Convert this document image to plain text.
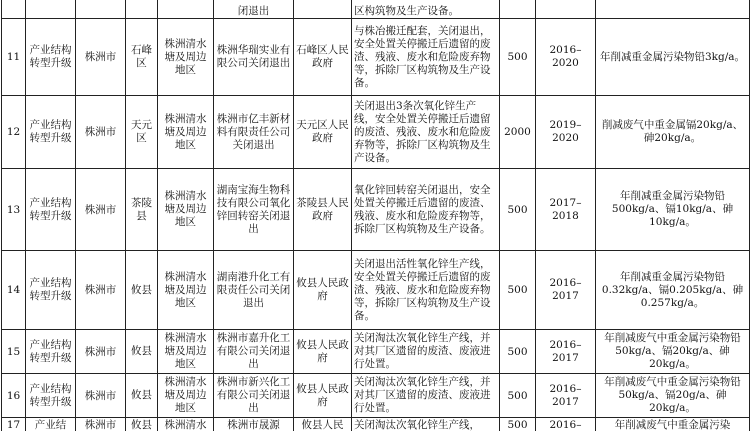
					闭退出		区构筑物及生产设备。			
11	产业结构转型升级	株洲市	石峰区	株洲清水塘及周边地区	株洲华瑞实业有限公司关闭退出	石峰区人民政府	与株冶搬迁配套，关闭退出，安全处置关停搬迁后遗留的废渣、残液、废水和危险废弃物等，拆除厂区构筑物及生产设备。	500	2016–2020	年削减重金属污染物铅3kg/a。
12	产业结构转型升级	株洲市	天元区	株洲清水塘及周边地区	株洲市亿丰新材料有限责任公司关闭退出	天元区人民政府	关闭退出3条次氧化锌生产线，安全处置关停搬迁后遗留的废渣、残液、废水和危险废弃物等，拆除厂区构筑物及生产设备。	2000	2019–2020	削减废气中重金属镉20kg/a、砷20kg/a。
13	产业结构转型升级	株洲市	茶陵县	株洲清水塘及周边地区	湖南宝海生物科技有限公司氧化锌回转窑关闭退出	茶陵县人民政府	氧化锌回转窑关闭退出，安全处置关停搬迁后遗留的废渣、残液、废水和危险废弃物等，拆除厂区构筑物及生产设备。	500	2017–2018	年削减重金属污染物铅500kg/a、镉10kg/a、砷10kg/a。
14	产业结构转型升级	株洲市	攸县	株洲清水塘及周边地区	湖南港升化工有限责任公司关闭退出	攸县人民政府	关闭退出活性氧化锌生产线，安全处置关停搬迁后遗留的废渣、残液、废水和危险废弃物等，拆除厂区构筑物及生产设备。	500	2016–2017	年削减重金属污染物铅0.32kg/a、镉0.205kg/a、砷0.257kg/a。
15	产业结构转型升级	株洲市	攸县	株洲清水塘及周边地区	株洲市嘉升化工有限公司关闭退出	攸县人民政府	关闭淘汰次氧化锌生产线，并对其厂区遗留的废渣、废液进行处置。	500	2016–2017	年削减废气中重金属污染物铅50kg/a、镉20kg/a、砷20kg/a。
16	产业结构转型升级	株洲市	攸县	株洲清水塘及周边地区	株洲市新兴化工有限公司关闭退出	攸县人民政府	关闭淘汰次氧化锌生产线，并对其厂区遗留的废渣、废液进行处置。	500	2016–2017	年削减废气中重金属污染物铅50kg/a、镉20g/a、砷20kg/a。
17	产业结	株洲市	攸县	株洲清水	株洲市晟源	攸县人民	关闭淘汰次氧化锌生产线，	500	2016–	年削减废气中重金属污染
